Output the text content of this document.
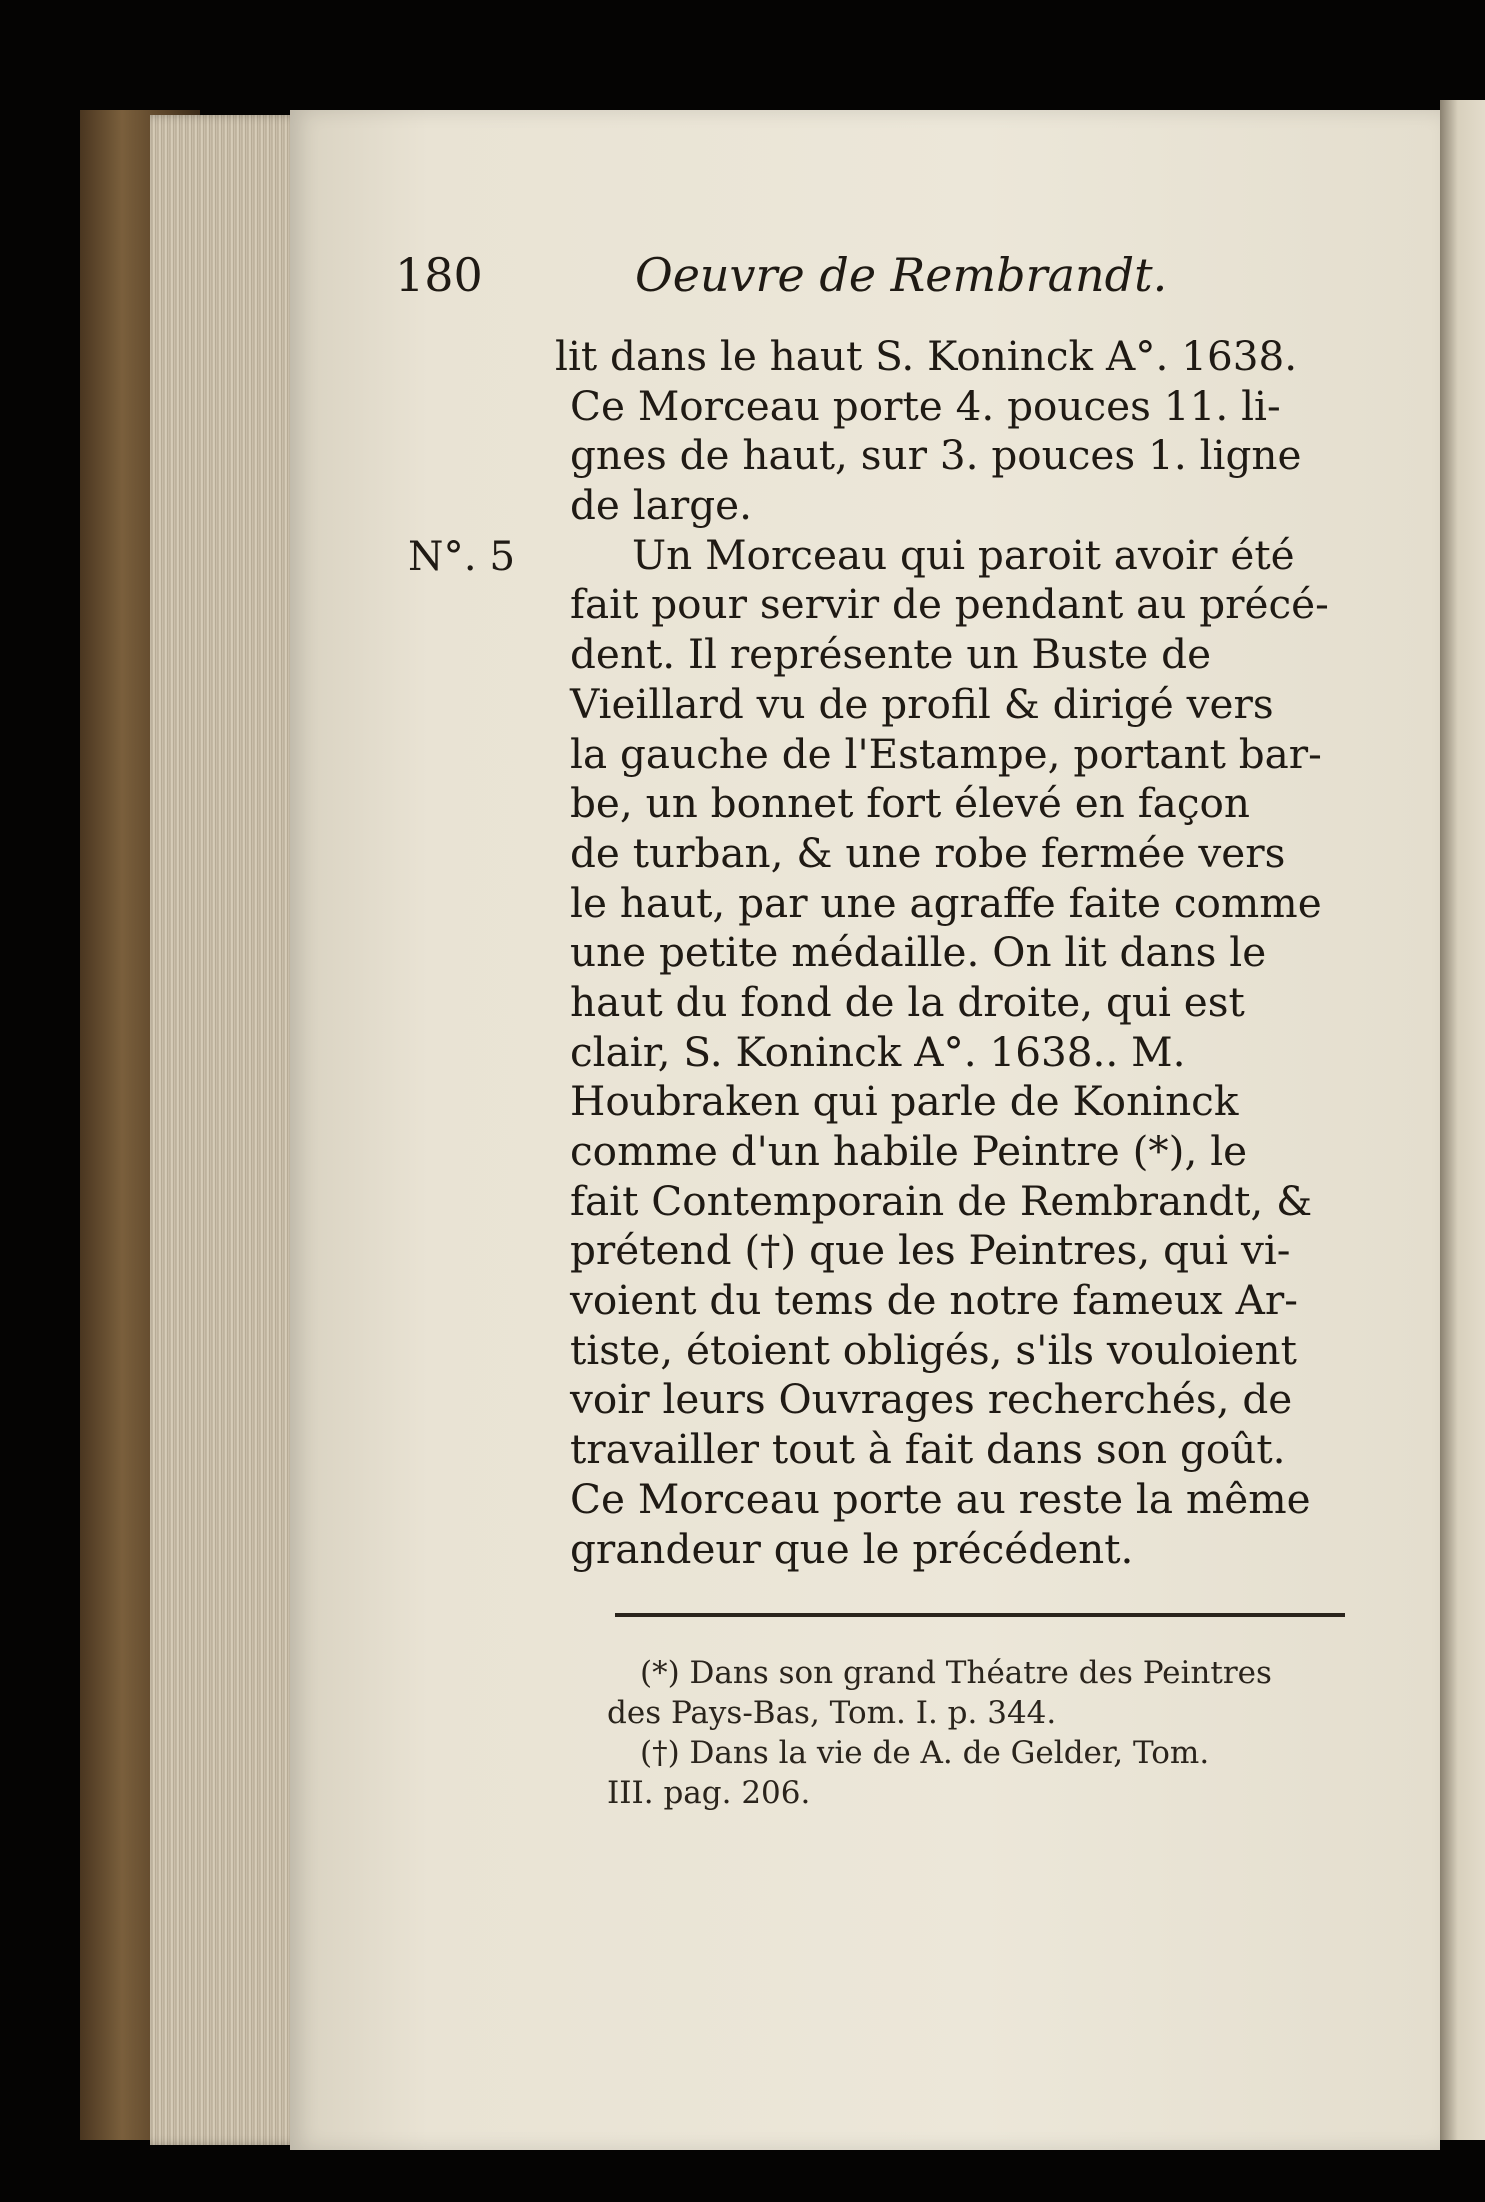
180	Oeuvre de Rembrandt.
N°. 5
lit dans le haut S. Koninck A°. 1638.
Ce Morceau porte 4. pouces 11. li-
gnes de haut, sur 3. pouces 1. ligne
de large.
Un Morceau qui paroit avoir été
fait pour servir de pendant au précé-
dent. Il représente un Buste de
Vieillard vu de profil & dirigé vers
la gauche de l'Estampe, portant bar-
be, un bonnet fort élevé en façon
de turban, & une robe fermée vers
le haut, par une agraffe faite comme
une petite médaille. On lit dans le
haut du fond de la droite, qui est
clair, S. Koninck A°. 1638.. M.
Houbraken qui parle de Koninck
comme d'un habile Peintre (*), le
fait Contemporain de Rembrandt, &
prétend (†) que les Peintres, qui vi-
voient du tems de notre fameux Ar-
tiste, étoient obligés, s'ils vouloient
voir leurs Ouvrages recherchés, de
travailler tout à fait dans son goût.
Ce Morceau porte au reste la même
grandeur que le précédent.
(*) Dans son grand Théatre des Peintres
des Pays-Bas, Tom. I. p. 344.
(†) Dans la vie de A. de Gelder, Tom.
III. pag. 206.
